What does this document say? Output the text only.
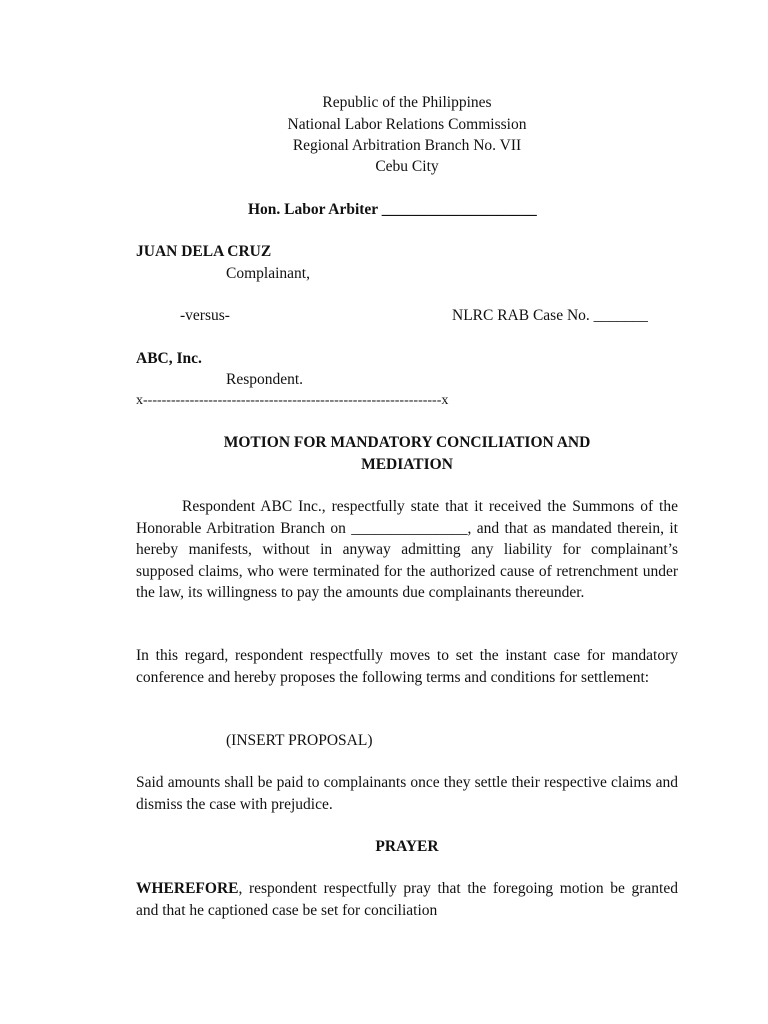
Republic of the Philippines
National Labor Relations Commission
Regional Arbitration Branch No. VII
Cebu City
Hon. Labor Arbiter ____________________
JUAN DELA CRUZ
Complainant,
-versus-	NLRC RAB Case No. _______
ABC, Inc.
Respondent.
x----------------------------------------------------------------x
MOTION FOR MANDATORY CONCILIATION AND
MEDIATION
Respondent ABC Inc., respectfully state that it received the Summons of the Honorable Arbitration Branch on _______________, and that as mandated therein, it hereby manifests, without in anyway admitting any liability for complainant’s supposed claims, who were terminated for the authorized cause of retrenchment under the law, its willingness to pay the amounts due complainants thereunder.
In this regard, respondent respectfully moves to set the instant case for mandatory conference and hereby proposes the following terms and conditions for settlement:
(INSERT PROPOSAL)
Said amounts shall be paid to complainants once they settle their respective claims and dismiss the case with prejudice.
PRAYER
WHEREFORE, respondent respectfully pray that the foregoing motion be granted and that he captioned case be set for conciliation
